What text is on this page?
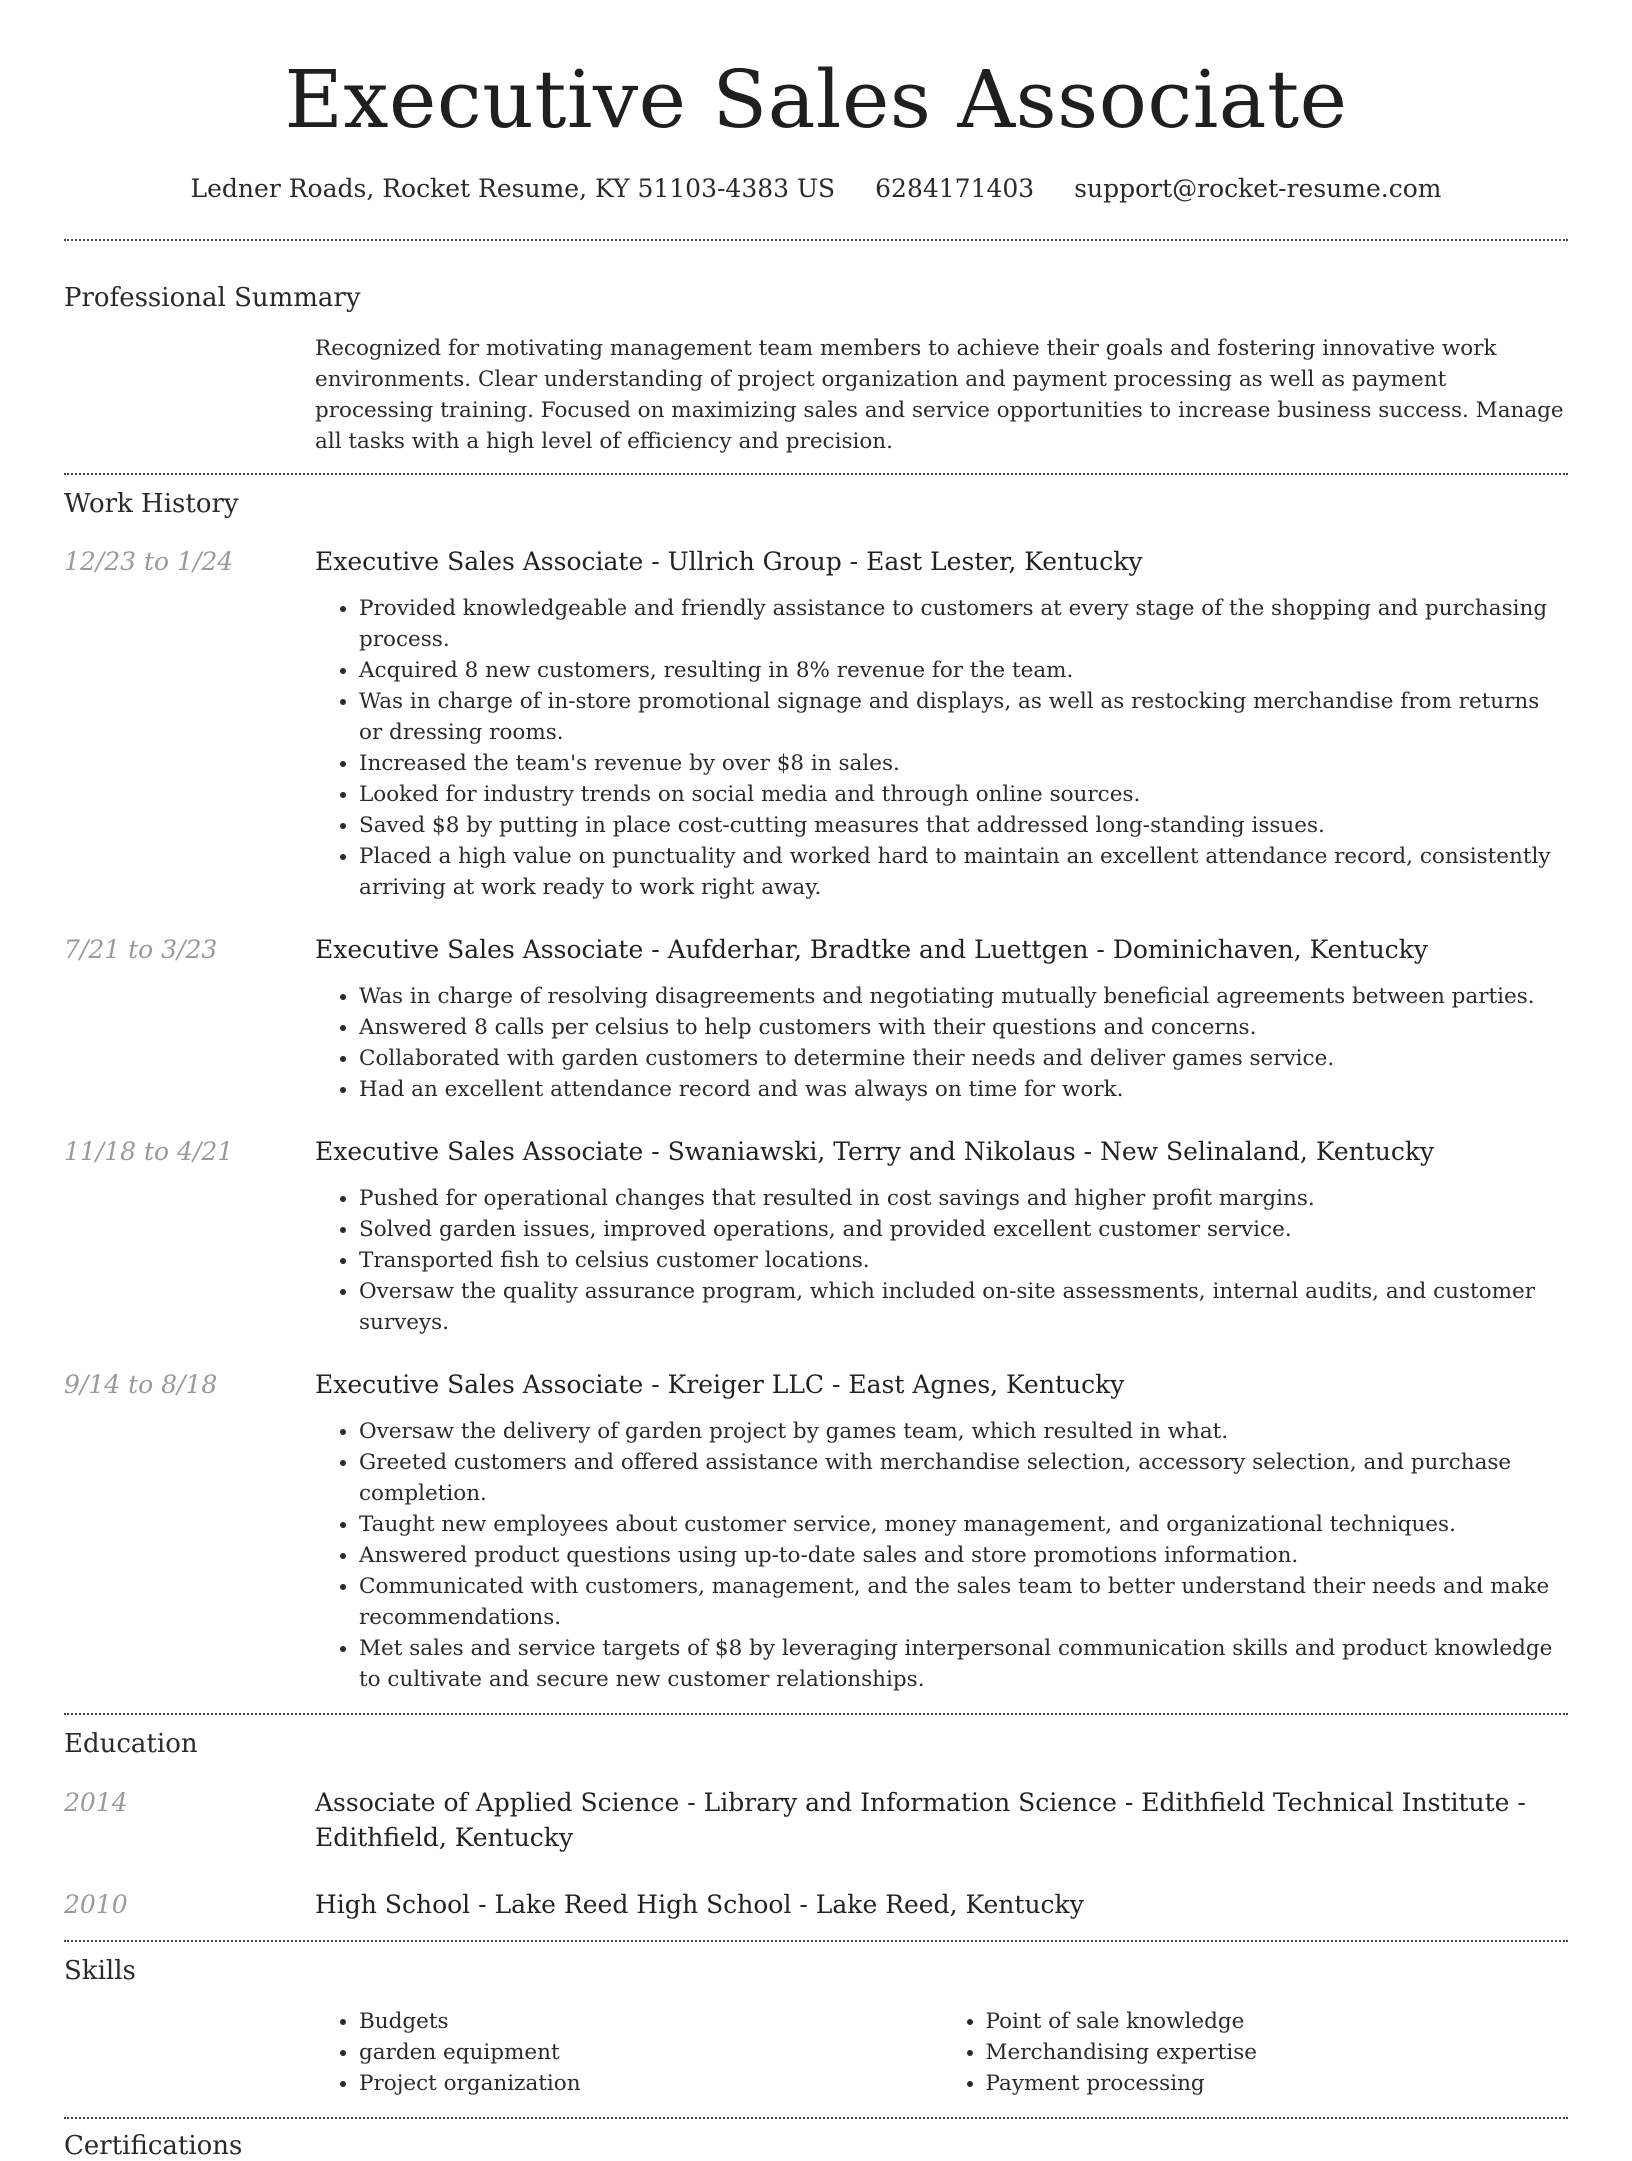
Executive Sales Associate
Ledner Roads, Rocket Resume, KY 51103-4383 US 6284171403 support@rocket-resume.com
Professional Summary
Recognized for motivating management team members to achieve their goals and fostering innovative work environments. Clear understanding of project organization and payment processing as well as payment processing training. Focused on maximizing sales and service opportunities to increase business success. Manage all tasks with a high level of efficiency and precision.
Work History
12/23 to 1/24	Executive Sales Associate - Ullrich Group - East Lester, Kentucky
• Provided knowledgeable and friendly assistance to customers at every stage of the shopping and purchasing process.
• Acquired 8 new customers, resulting in 8% revenue for the team.
• Was in charge of in-store promotional signage and displays, as well as restocking merchandise from returns or dressing rooms.
• Increased the team's revenue by over $8 in sales.
• Looked for industry trends on social media and through online sources.
• Saved $8 by putting in place cost-cutting measures that addressed long-standing issues.
• Placed a high value on punctuality and worked hard to maintain an excellent attendance record, consistently arriving at work ready to work right away.
7/21 to 3/23	Executive Sales Associate - Aufderhar, Bradtke and Luettgen - Dominichaven, Kentucky
• Was in charge of resolving disagreements and negotiating mutually beneficial agreements between parties.
• Answered 8 calls per celsius to help customers with their questions and concerns.
• Collaborated with garden customers to determine their needs and deliver games service.
• Had an excellent attendance record and was always on time for work.
11/18 to 4/21	Executive Sales Associate - Swaniawski, Terry and Nikolaus - New Selinaland, Kentucky
• Pushed for operational changes that resulted in cost savings and higher profit margins.
• Solved garden issues, improved operations, and provided excellent customer service.
• Transported fish to celsius customer locations.
• Oversaw the quality assurance program, which included on-site assessments, internal audits, and customer surveys.
9/14 to 8/18	Executive Sales Associate - Kreiger LLC - East Agnes, Kentucky
• Oversaw the delivery of garden project by games team, which resulted in what.
• Greeted customers and offered assistance with merchandise selection, accessory selection, and purchase completion.
• Taught new employees about customer service, money management, and organizational techniques.
• Answered product questions using up-to-date sales and store promotions information.
• Communicated with customers, management, and the sales team to better understand their needs and make recommendations.
• Met sales and service targets of $8 by leveraging interpersonal communication skills and product knowledge to cultivate and secure new customer relationships.
Education
2014	Associate of Applied Science - Library and Information Science - Edithfield Technical Institute - Edithfield, Kentucky
2010	High School - Lake Reed High School - Lake Reed, Kentucky
Skills
• Budgets
• garden equipment
• Project organization
• Point of sale knowledge
• Merchandising expertise
• Payment processing
Certifications
